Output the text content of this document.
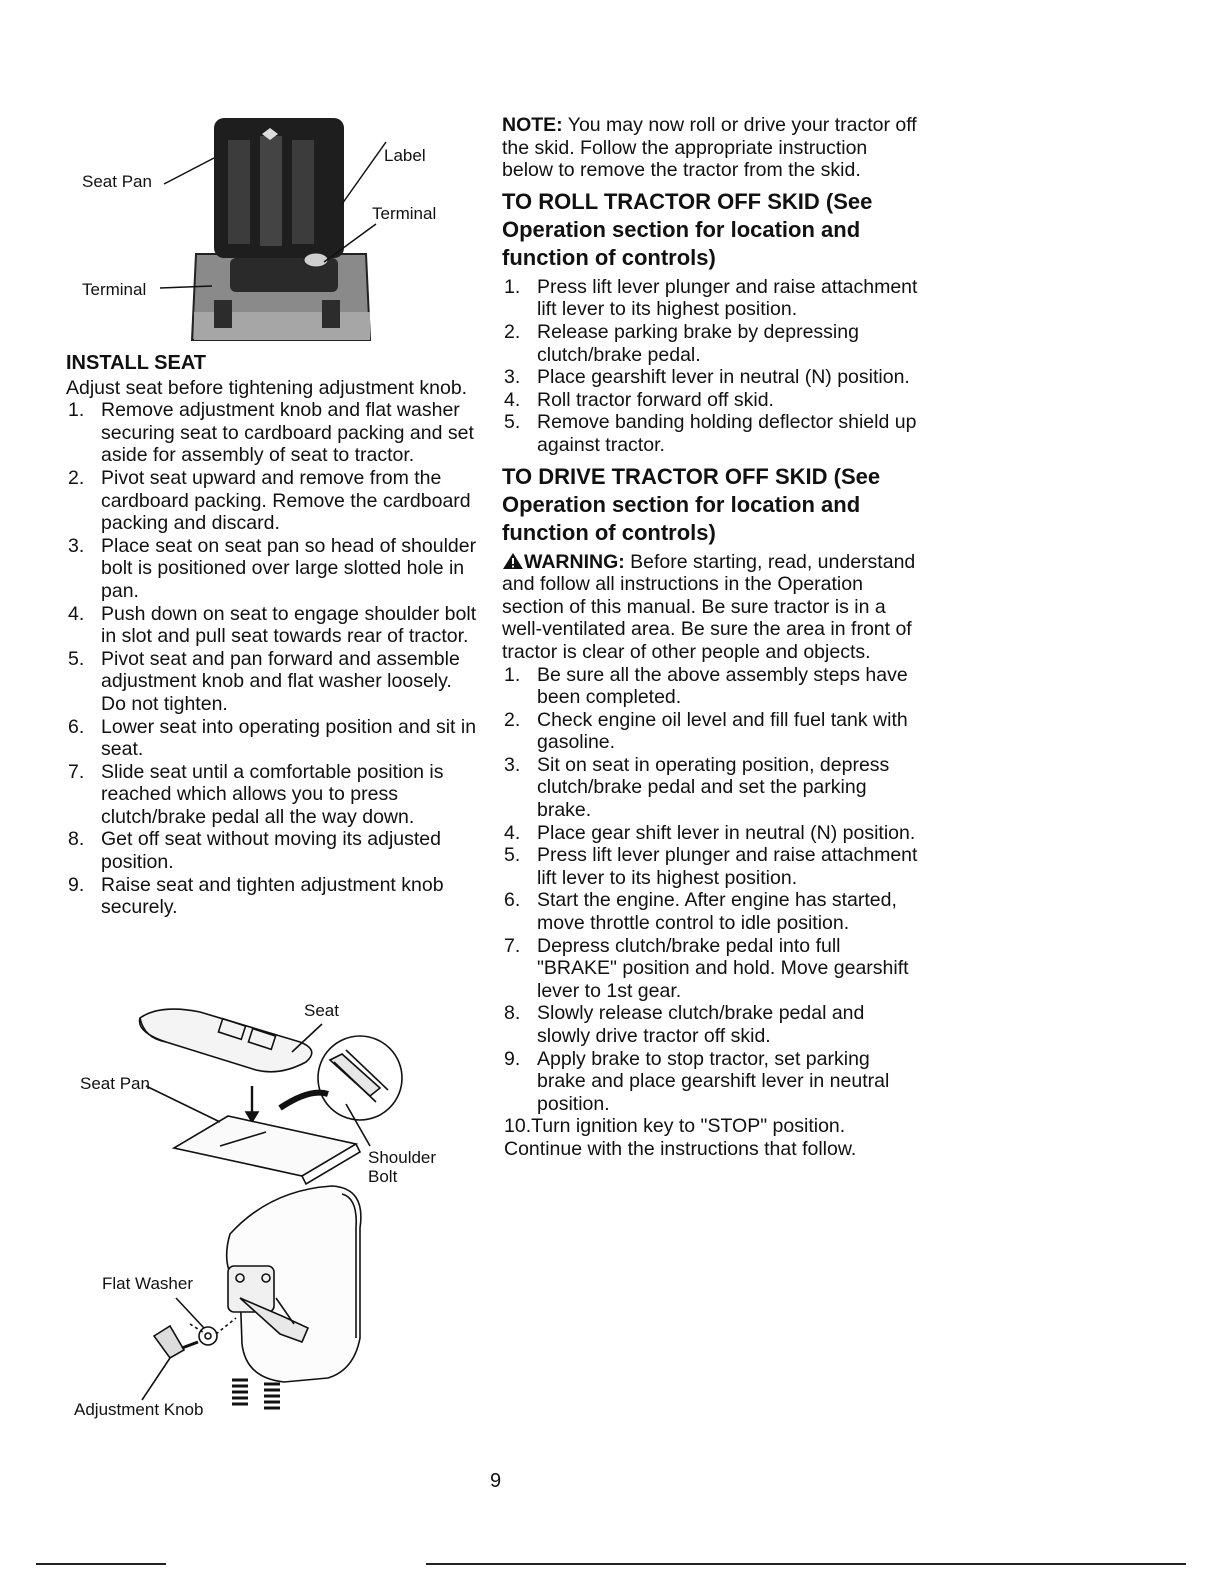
Seat Pan
Label
Terminal
Terminal
INSTALL SEAT

Adjust seat before tightening adjustment knob.

1. Remove adjustment knob and flat washer securing seat to cardboard packing and set aside for assembly of seat to tractor.
2. Pivot seat upward and remove from the cardboard packing. Remove the cardboard packing and discard.
3. Place seat on seat pan so head of shoulder bolt is positioned over large slotted hole in pan.
4. Push down on seat to engage shoulder bolt in slot and pull seat towards rear of tractor.
5. Pivot seat and pan forward and assemble adjustment knob and flat washer loosely. Do not tighten.
6. Lower seat into operating position and sit in seat.
7. Slide seat until a comfortable position is reached which allows you to press clutch/brake pedal all the way down.
8. Get off seat without moving its adjusted position.
9. Raise seat and tighten adjustment knob securely.
Seat
Seat Pan
Shoulder
Bolt
Flat Washer
Adjustment Knob

NOTE: You may now roll or drive your tractor off the skid. Follow the appropriate instruction below to remove the tractor from the skid.

TO ROLL TRACTOR OFF SKID (See Operation section for location and function of controls)
1. Press lift lever plunger and raise attachment lift lever to its highest position.
2. Release parking brake by depressing clutch/brake pedal.
3. Place gearshift lever in neutral (N) position.
4. Roll tractor forward off skid.
5. Remove banding holding deflector shield up against tractor.
TO DRIVE TRACTOR OFF SKID (See Operation section for location and function of controls)

WARNING: Before starting, read, understand and follow all instructions in the Operation section of this manual. Be sure tractor is in a well-ventilated area. Be sure the area in front of tractor is clear of other people and objects.

1. Be sure all the above assembly steps have been completed.
2. Check engine oil level and fill fuel tank with gasoline.
3. Sit on seat in operating position, depress clutch/brake pedal and set the parking brake.
4. Place gear shift lever in neutral (N) position.
5. Press lift lever plunger and raise attachment lift lever to its highest position.
6. Start the engine. After engine has started, move throttle control to idle position.
7. Depress clutch/brake pedal into full "BRAKE" position and hold. Move gearshift lever to 1st gear.
8. Slowly release clutch/brake pedal and slowly drive tractor off skid.
9. Apply brake to stop tractor, set parking brake and place gearshift lever in neutral position.

10.Turn ignition key to "STOP" position.

Continue with the instructions that follow.

9
